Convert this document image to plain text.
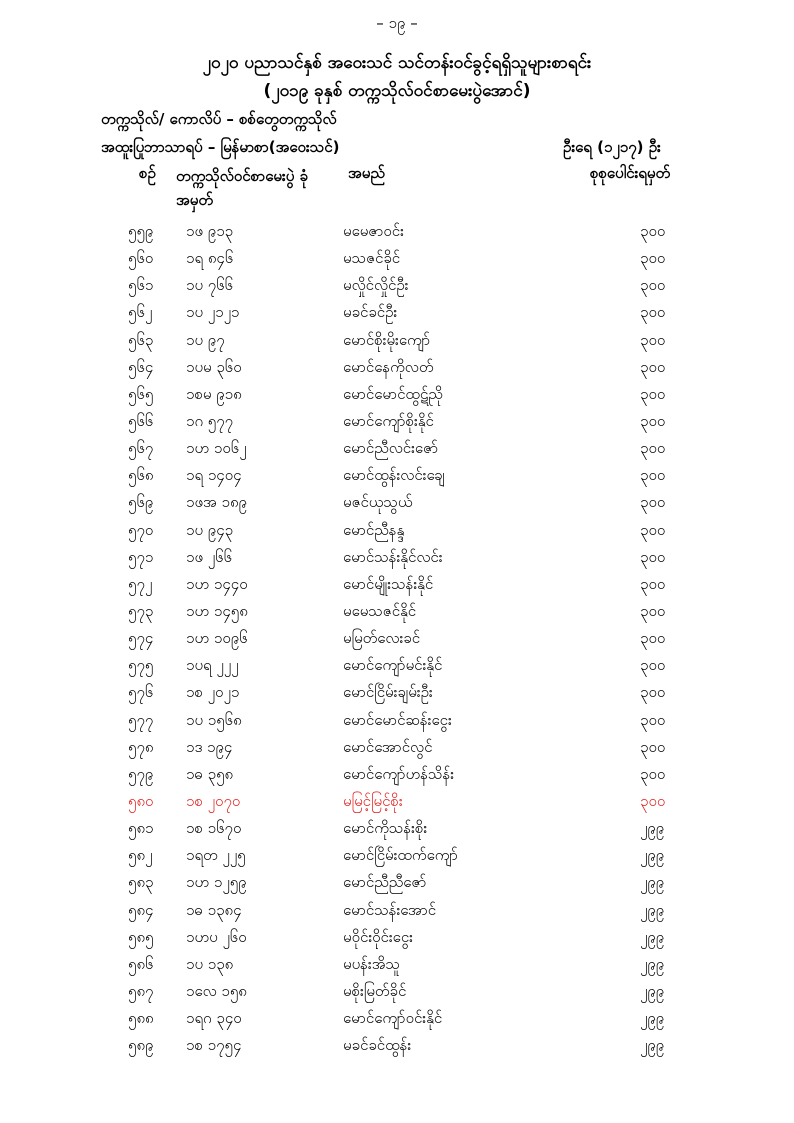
– ၁၉ –
၂၀၂၀ ပညာသင်နှစ် အဝေးသင် သင်တန်းဝင်ခွင့်ရရှိသူများစာရင်း
(၂၀၁၉ ခုနှစ် တက္ကသိုလ်ဝင်စာမေးပွဲအောင်)
တက္ကသိုလ်/ ကောလိပ် – စစ်တွေတက္ကသိုလ်
အထူးပြုဘာသာရပ် – မြန်မာစာ(အဝေးသင်)	ဦးရေ (၁၂၁၇) ဦး
စဉ် တက္ကသိုလ်ဝင်စာမေးပွဲ ခုံအမှတ်
အမည်	စုစုပေါင်းရမှတ်
၅၅၉ ၁ဖ ၉၁၃	မမေဇာဝင်း	၃၀၀
၅၆၀ ၁ရ ၈၄၆	မသဇင်ခိုင်	၃၀၀
၅၆၁ ၁ပ ၇၆၆	မလှိုင်လှိုင်ဦး	၃၀၀
၅၆၂ ၁ပ ၂၁၂၁	မခင်ခင်ဦး	၃၀၀
၅၆၃ ၁ပ ၉၇	မောင်စိုးမိုးကျော်	၃၀၀
၅၆၄ ၁ပမ ၃၆၀	မောင်နေကိုလတ်	၃၀၀
၅၆၅ ၁စမ ၉၁၈	မောင်မောင်ထွဋ်ညို	၃၀၀
၅၆၆ ၁ဂ ၅၇၇	မောင်ကျော်စိုးနိုင်	၃၀၀
၅၆၇ ၁ဟ ၁၀၆၂	မောင်ညီလင်းဇော်	၃၀၀
၅၆၈ ၁ရ ၁၄၀၄	မောင်ထွန်းလင်းချေ	၃၀၀
၅၆၉ ၁ဖအ ၁၈၉	မဇင်ယုသွယ်	၃၀၀
၅၇၀ ၁ပ ၉၄၃	မောင်ညီနန္ဒ	၃၀၀
၅၇၁ ၁ဖ ၂၆၆	မောင်သန်းနိုင်လင်း	၃၀၀
၅၇၂ ၁ဟ ၁၄၄၀	မောင်မျိုးသန်းနိုင်	၃၀၀
၅၇၃ ၁ဟ ၁၄၅၈	မမေသဇင်နိုင်	၃၀၀
၅၇၄ ၁ဟ ၁၀၉၆	မမြတ်လေးခင်	၃၀၀
၅၇၅ ၁ပရ ၂၂၂	မောင်ကျော်မင်းနိုင်	၃၀၀
၅၇၆ ၁စ ၂၀၂၁	မောင်ငြိမ်းချမ်းဦး	၃၀၀
၅၇၇ ၁ပ ၁၅၆၈	မောင်မောင်ဆန်းငွေး	၃၀၀
၅၇၈ ၁ဒ ၁၉၄	မောင်အောင်လွင်	၃၀၀
၅၇၉ ၁ဓ ၃၅၈	မောင်ကျော်ဟန်သိန်း	၃၀၀
၅၈၀ ၁စ ၂၀၇၀	မမြင့်မြင့်စိုး	၃၀၀
၅၈၁ ၁စ ၁၆၇၀	မောင်ကိုသန်းစိုး	၂၉၉
၅၈၂ ၁ရတ ၂၂၅	မောင်ငြိမ်းထက်ကျော်	၂၉၉
၅၈၃ ၁ဟ ၁၂၅၉	မောင်ညီညီဇော်	၂၉၉
၅၈၄ ၁ဓ ၁၃၈၄	မောင်သန်းအောင်	၂၉၉
၅၈၅ ၁ဟပ ၂၆၀	မဝိုင်းဝိုင်းငွေး	၂၉၉
၅၈၆ ၁ပ ၁၃၈	မပန်းအိသူ	၂၉၉
၅၈၇ ၁လေ ၁၅၈	မစိုးမြတ်ခိုင်	၂၉၉
၅၈၈ ၁ရဂ ၃၄၀	မောင်ကျော်ဝင်းနိုင်	၂၉၉
၅၈၉ ၁စ ၁၇၅၄	မခင်ခင်ထွန်း	၂၉၉
